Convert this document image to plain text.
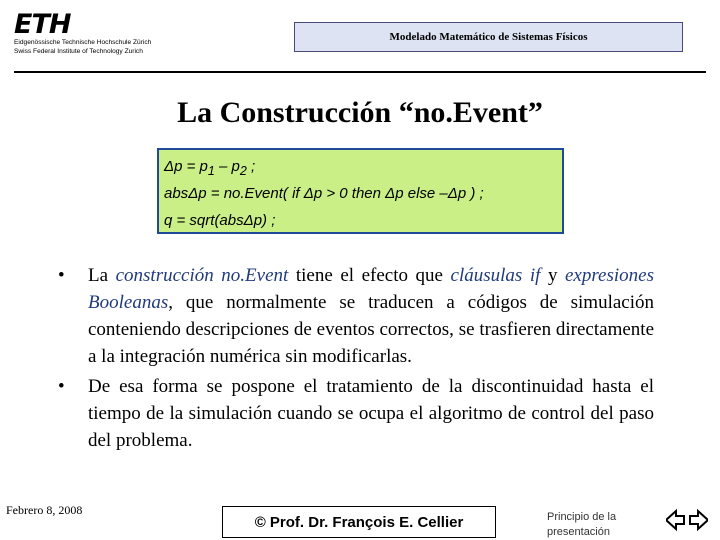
ETH
Eidgenössische Technische Hochschule Zürich
Swiss Federal Institute of Technology Zurich
Modelado Matemático de Sistemas Físicos
La Construcción “no.Event”
$\Delta p = p_1 - p_2$ ;
absΔp = no.Event( if Δp > 0 then Δp else –Δp ) ;
q = sqrt(absΔp) ;
• La construcción no.Event tiene el efecto que cláusulas if y expresiones Booleanas, que normalmente se traducen a códigos de simulación conteniendo descripciones de eventos correctos, se trasfieren directamente a la integración numérica sin modificarlas.
• De esa forma se pospone el tratamiento de la discontinuidad hasta el tiempo de la simulación cuando se ocupa el algoritmo de control del paso del problema.
Febrero 8, 2008
© Prof. Dr. François E. Cellier	Principio de la
presentación
